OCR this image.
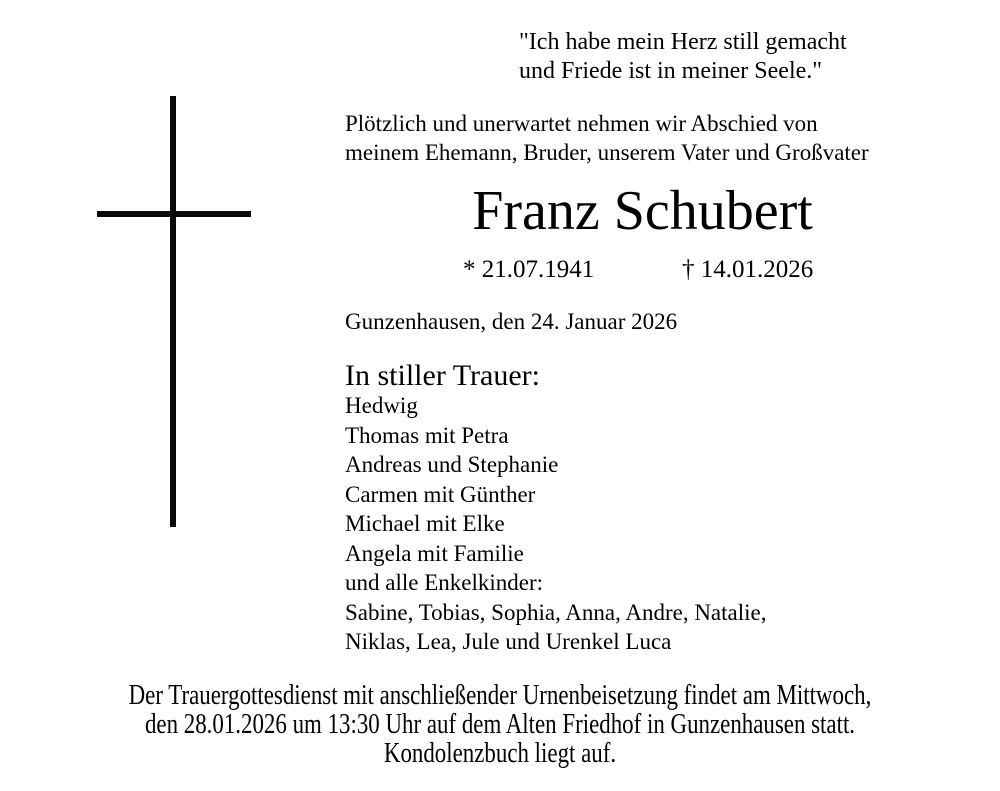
"Ich habe mein Herz still gemacht
und Friede ist in meiner Seele."
Plötzlich und unerwartet nehmen wir Abschied von
meinem Ehemann, Bruder, unserem Vater und Großvater
Franz Schubert
* 21.07.1941	† 14.01.2026
Gunzenhausen, den 24. Januar 2026
In stiller Trauer:
Hedwig
Thomas mit Petra
Andreas und Stephanie
Carmen mit Günther
Michael mit Elke
Angela mit Familie
und alle Enkelkinder:
Sabine, Tobias, Sophia, Anna, Andre, Natalie,
Niklas, Lea, Jule und Urenkel Luca
Der Trauergottesdienst mit anschließender Urnenbeisetzung findet am Mittwoch,
den 28.01.2026 um 13:30 Uhr auf dem Alten Friedhof in Gunzenhausen statt.
Kondolenzbuch liegt auf.
